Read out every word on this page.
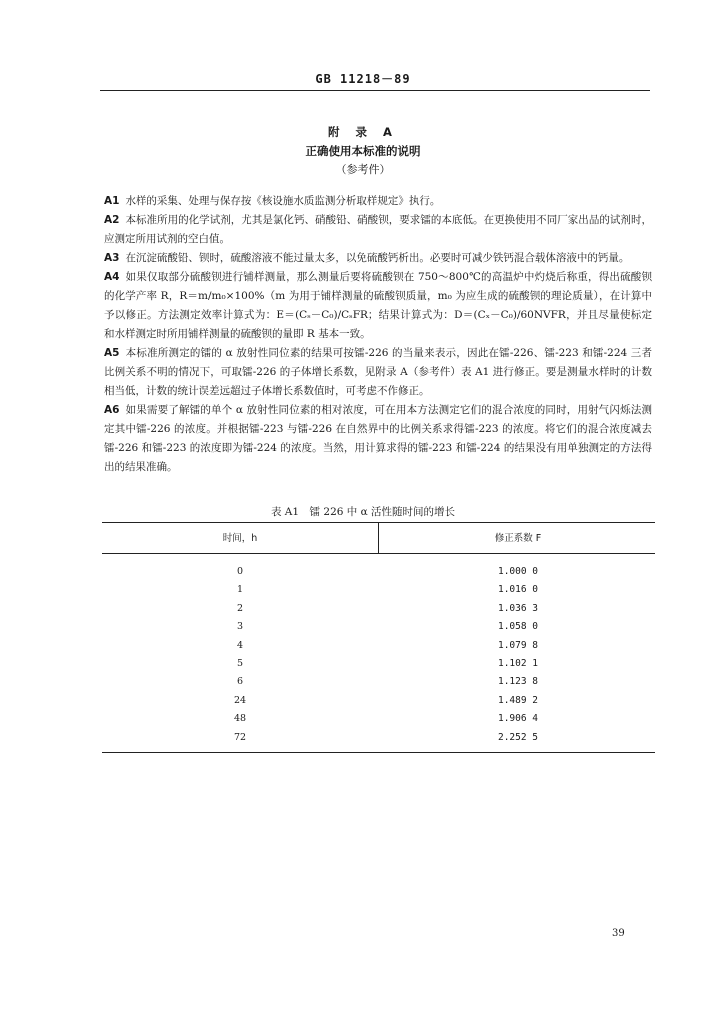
GB 11218－89
附 录 A
正确使用本标准的说明
（参考件）

A1 水样的采集、处理与保存按《核设施水质监测分析取样规定》执行。

A2 本标准所用的化学试剂，尤其是氯化钙、硝酸铅、硝酸钡，要求镭的本底低。在更换使用不同厂家出品的试剂时，应测定所用试剂的空白值。

A3 在沉淀硫酸铅、钡时，硫酸溶液不能过量太多，以免硫酸钙析出。必要时可减少铁钙混合载体溶液中的钙量。

A4 如果仅取部分硫酸钡进行铺样测量，那么测量后要将硫酸钡在 750～800℃的高温炉中灼烧后称重，得出硫酸钡的化学产率 R，R＝m/m₀×100%（m 为用于铺样测量的硫酸钡质量，m₀ 为应生成的硫酸钡的理论质量），在计算中予以修正。方法测定效率计算式为：E＝(Cₛ－C₀)/CₛFR；结果计算式为：D＝(Cₓ－C₀)/60NVFR，并且尽量使标定和水样测定时所用铺样测量的硫酸钡的量即 R 基本一致。

A5 本标准所测定的镭的 α 放射性同位素的结果可按镭-226 的当量来表示，因此在镭-226、镭-223 和镭-224 三者比例关系不明的情况下，可取镭-226 的子体增长系数，见附录 A（参考件）表 A1 进行修正。要是测量水样时的计数相当低，计数的统计误差远超过子体增长系数值时，可考虑不作修正。

A6 如果需要了解镭的单个 α 放射性同位素的相对浓度，可在用本方法测定它们的混合浓度的同时，用射气闪烁法测定其中镭-226 的浓度。并根据镭-223 与镭-226 在自然界中的比例关系求得镭-223 的浓度。将它们的混合浓度减去镭-226 和镭-223 的浓度即为镭-224 的浓度。当然，用计算求得的镭-223 和镭-224 的结果没有用单独测定的方法得出的结果准确。

表 A1　镭 226 中 α 活性随时间的增长
时间，h	修正系数 F
0	1.000 0
1	1.016 0
2	1.036 3
3	1.058 0
4	1.079 8
5	1.102 1
6	1.123 8
24	1.489 2
48	1.906 4
72	2.252 5
39
